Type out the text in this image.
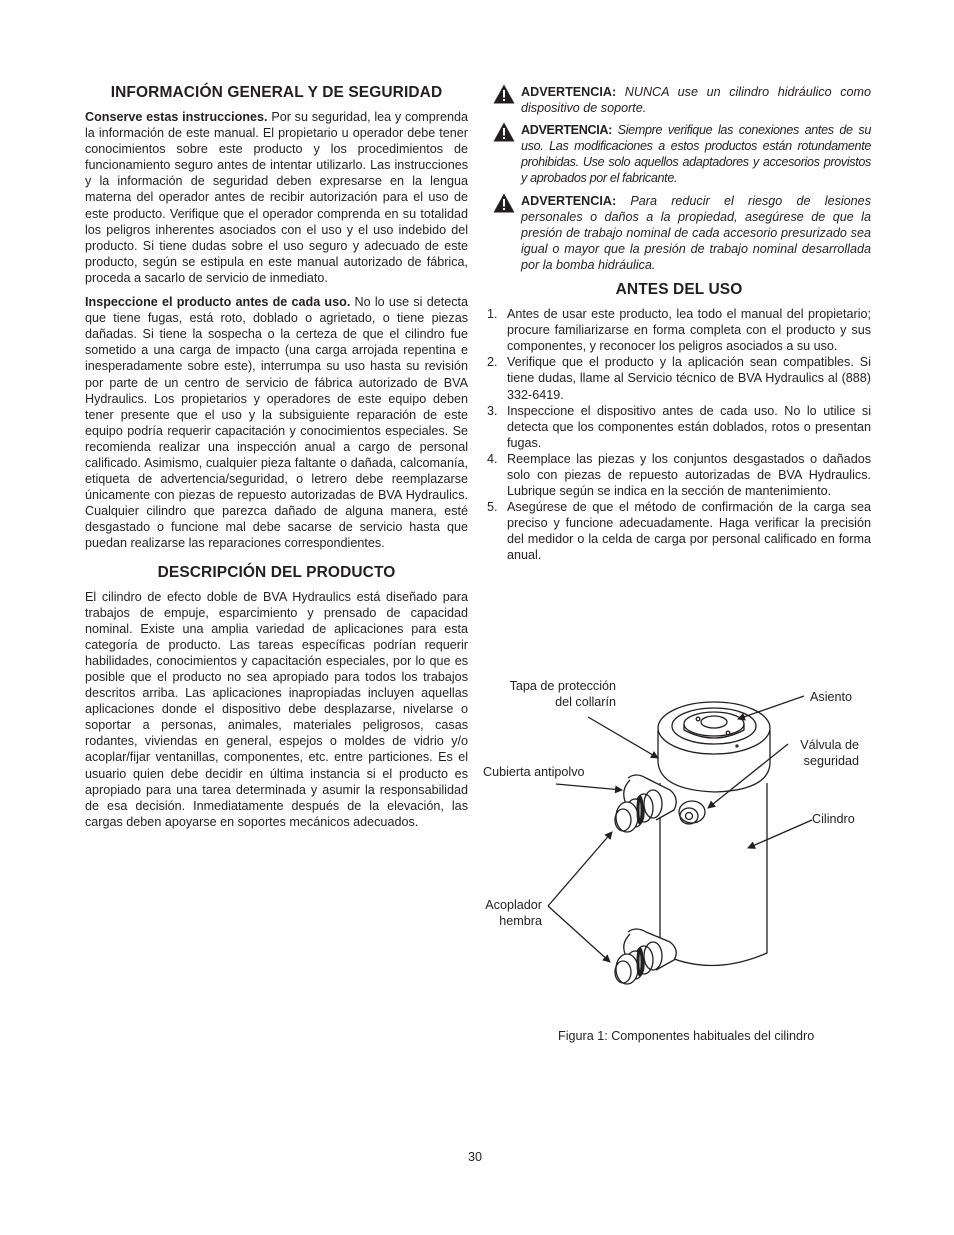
INFORMACIÓN GENERAL Y DE SEGURIDAD

Conserve estas instrucciones. Por su seguridad, lea y comprenda la información de este manual. El propietario u operador debe tener conocimientos sobre este producto y los procedimientos de funcionamiento seguro antes de intentar utilizarlo. Las instrucciones y la información de seguridad deben expresarse en la lengua materna del operador antes de recibir autorización para el uso de este producto. Verifique que el operador comprenda en su totalidad los peligros inherentes asociados con el uso y el uso indebido del producto. Si tiene dudas sobre el uso seguro y adecuado de este producto, según se estipula en este manual autorizado de fábrica, proceda a sacarlo de servicio de inmediato.

Inspeccione el producto antes de cada uso. No lo use si detecta que tiene fugas, está roto, doblado o agrietado, o tiene piezas dañadas. Si tiene la sospecha o la certeza de que el cilindro fue sometido a una carga de impacto (una carga arrojada repentina e inesperadamente sobre este), interrumpa su uso hasta su revisión por parte de un centro de servicio de fábrica autorizado de BVA Hydraulics. Los propietarios y operadores de este equipo deben tener presente que el uso y la subsiguiente reparación de este equipo podría requerir capacitación y conocimientos especiales. Se recomienda realizar una inspección anual a cargo de personal calificado. Asimismo, cualquier pieza faltante o dañada, calcomanía, etiqueta de advertencia/seguridad, o letrero debe reemplazarse únicamente con piezas de repuesto autorizadas de BVA Hydraulics. Cualquier cilindro que parezca dañado de alguna manera, esté desgastado o funcione mal debe sacarse de servicio hasta que puedan realizarse las reparaciones correspondientes.

DESCRIPCIÓN DEL PRODUCTO

El cilindro de efecto doble de BVA Hydraulics está diseñado para trabajos de empuje, esparcimiento y prensado de capacidad nominal. Existe una amplia variedad de aplicaciones para esta categoría de producto. Las tareas específicas podrían requerir habilidades, conocimientos y capacitación especiales, por lo que es posible que el producto no sea apropiado para todos los trabajos descritos arriba. Las aplicaciones inapropiadas incluyen aquellas aplicaciones donde el dispositivo debe desplazarse, nivelarse o soportar a personas, animales, materiales peligrosos, casas rodantes, viviendas en general, espejos o moldes de vidrio y/o acoplar/fijar ventanillas, componentes, etc. entre particiones. Es el usuario quien debe decidir en última instancia si el producto es apropiado para una tarea determinada y asumir la responsabilidad de esa decisión. Inmediatamente después de la elevación, las cargas deben apoyarse en soportes mecánicos adecuados.

ADVERTENCIA: NUNCA use un cilindro hidráulico como dispositivo de soporte.
ADVERTENCIA: Siempre verifique las conexiones antes de su uso. Las modificaciones a estos productos están rotundamente prohibidas. Use solo aquellos adaptadores y accesorios provistos y aprobados por el fabricante.
ADVERTENCIA: Para reducir el riesgo de lesiones personales o daños a la propiedad, asegúrese de que la presión de trabajo nominal de cada accesorio presurizado sea igual o mayor que la presión de trabajo nominal desarrollada por la bomba hidráulica.
ANTES DEL USO
1. Antes de usar este producto, lea todo el manual del propietario; procure familiarizarse en forma completa con el producto y sus componentes, y reconocer los peligros asociados a su uso.
2. Verifique que el producto y la aplicación sean compatibles. Si tiene dudas, llame al Servicio técnico de BVA Hydraulics al (888) 332-6419.
3. Inspeccione el dispositivo antes de cada uso. No lo utilice si detecta que los componentes están doblados, rotos o presentan fugas.
4. Reemplace las piezas y los conjuntos desgastados o dañados solo con piezas de repuesto autorizadas de BVA Hydraulics. Lubrique según se indica en la sección de mantenimiento.
5. Asegúrese de que el método de confirmación de la carga sea preciso y funcione adecuadamente. Haga verificar la precisión del medidor o la celda de carga por personal calificado en forma anual.
Tapa de protección
del collarín	Asiento
Válvula de
seguridad
Cubierta antipolvo
Cilindro
Acoplador
hembra
Figura 1: Componentes habituales del cilindro
30
